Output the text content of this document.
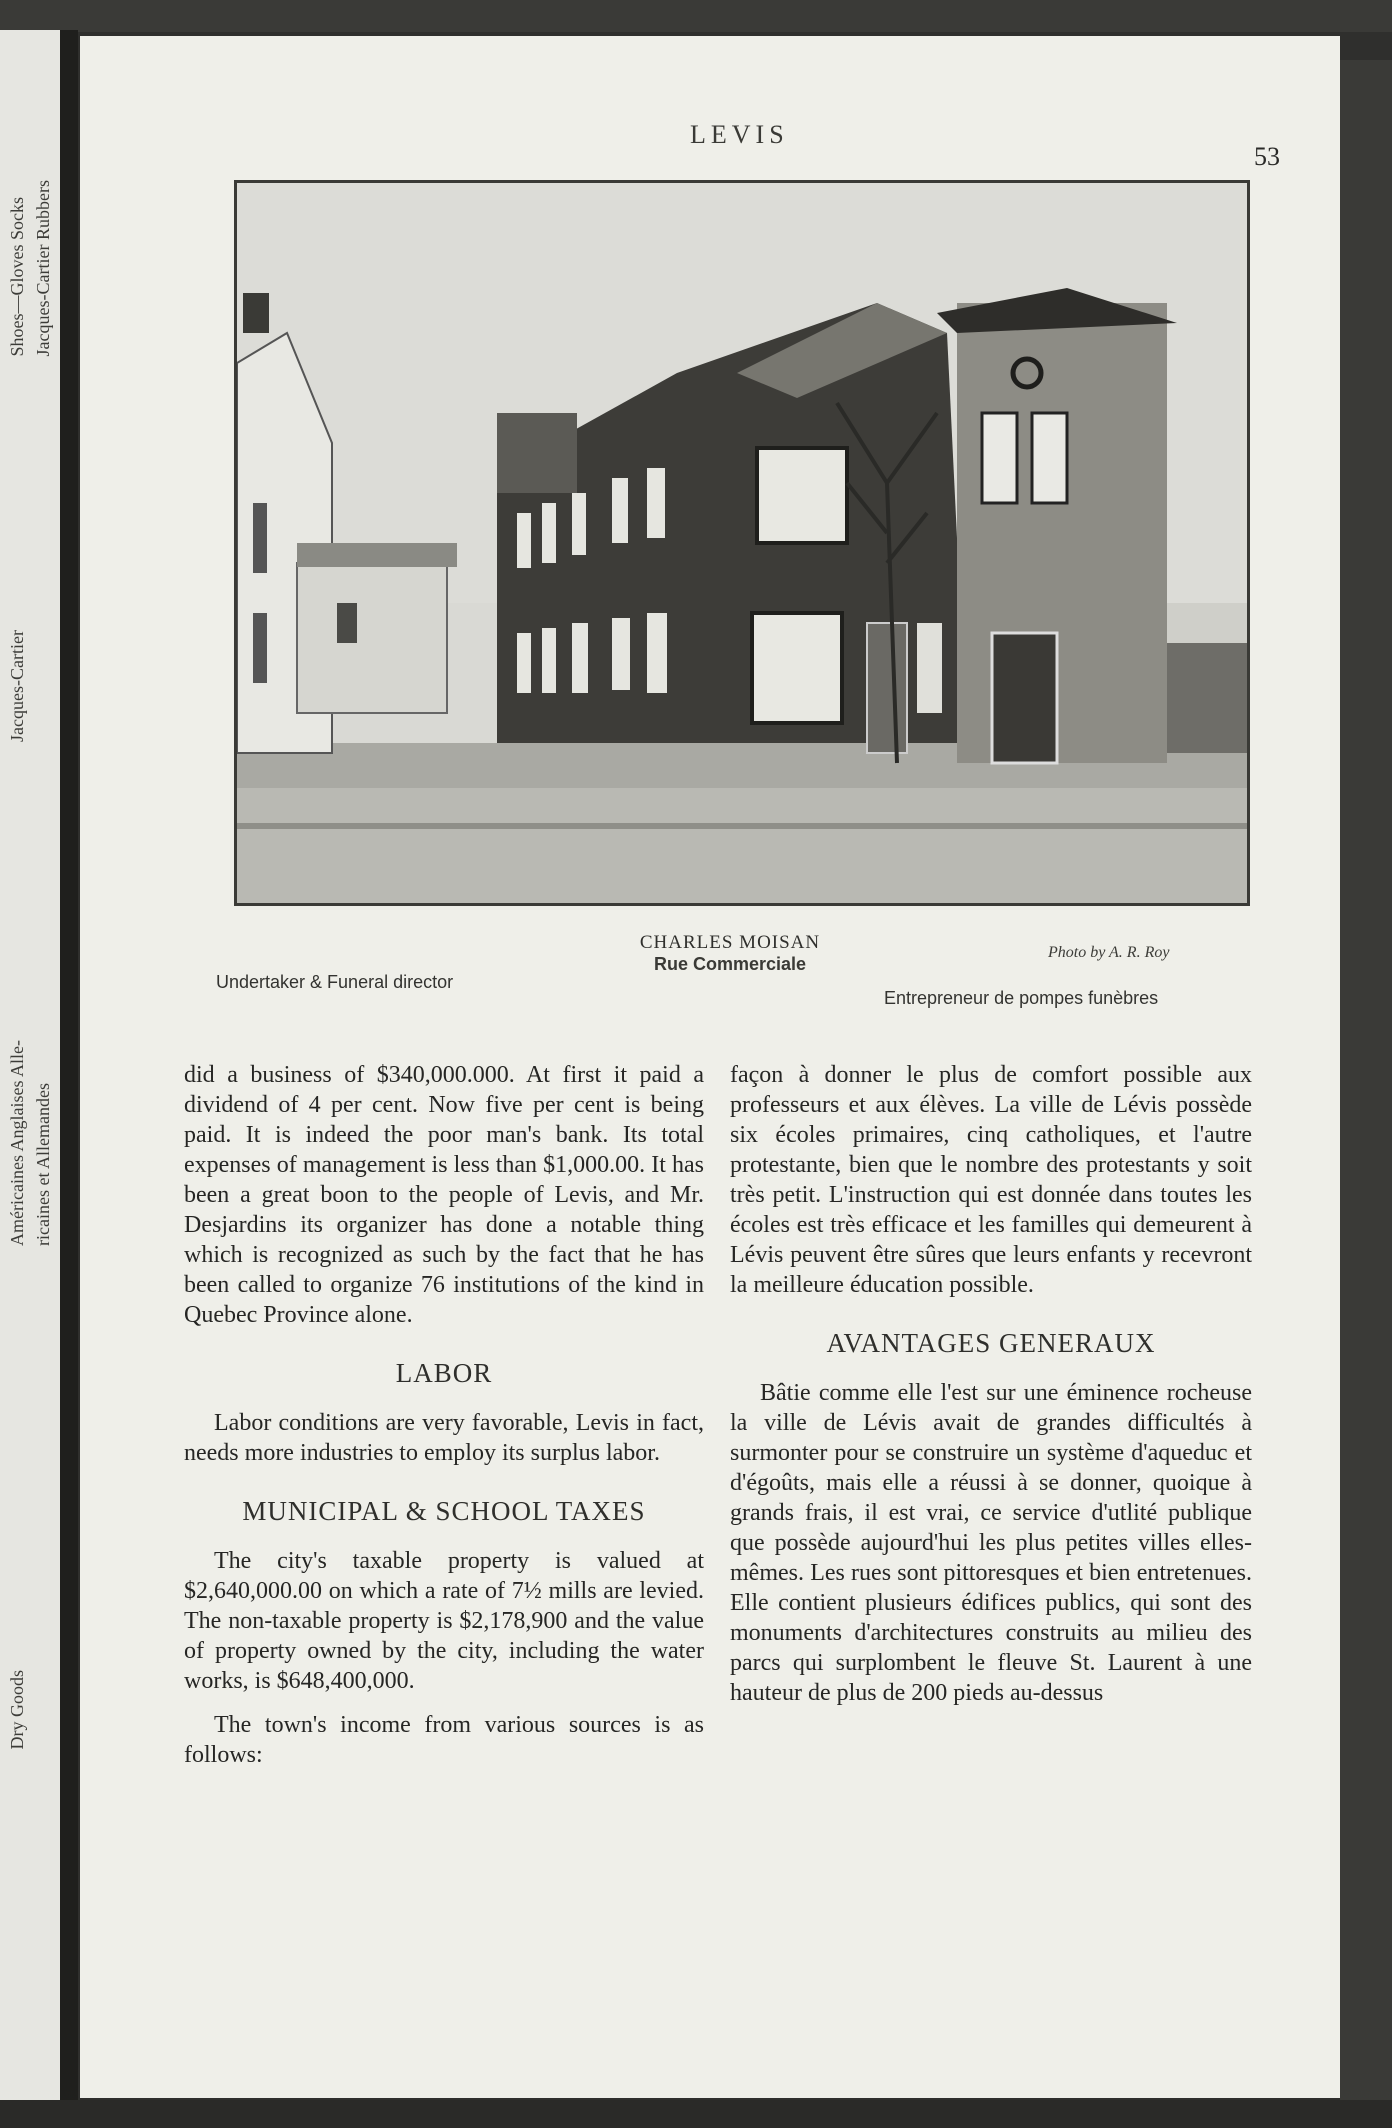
Shoes—Gloves Socks Jacques-Cartier Rubbers
Jacques-Cartier
Américaines Anglaises Alle- ricaines et Allemandes
Dry Goods
LEVIS
53
CHARLES MOISAN
Rue Commerciale
Undertaker & Funeral director
Photo by A. R. Roy
Entrepreneur de pompes funèbres

did a business of $340,000.000. At first it paid a dividend of 4 per cent. Now five per cent is being paid. It is indeed the poor man's bank. Its total expenses of management is less than $1,000.00. It has been a great boon to the people of Levis, and Mr. Desjardins its organizer has done a notable thing which is recognized as such by the fact that he has been called to organize 76 institutions of the kind in Quebec Province alone.

LABOR

Labor conditions are very favorable, Levis in fact, needs more industries to employ its surplus labor.

MUNICIPAL & SCHOOL TAXES

The city's taxable property is valued at $2,640,000.00 on which a rate of 7½ mills are levied. The non-taxable property is $2,178,900 and the value of property owned by the city, including the water works, is $648,400,000.

The town's income from various sources is as follows:

façon à donner le plus de comfort possible aux professeurs et aux élèves. La ville de Lévis possède six écoles primaires, cinq catholiques, et l'autre protestante, bien que le nombre des protestants y soit très petit. L'instruction qui est donnée dans toutes les écoles est très efficace et les familles qui demeurent à Lévis peuvent être sûres que leurs enfants y recevront la meilleure éducation possible.

AVANTAGES GENERAUX

Bâtie comme elle l'est sur une éminence rocheuse la ville de Lévis avait de grandes difficultés à surmonter pour se construire un système d'aqueduc et d'égoûts, mais elle a réussi à se donner, quoique à grands frais, il est vrai, ce service d'utlité publique que possède aujourd'hui les plus petites villes elles-mêmes. Les rues sont pittoresques et bien entretenues. Elle contient plusieurs édifices publics, qui sont des monuments d'architectures construits au milieu des parcs qui surplombent le fleuve St. Laurent à une hauteur de plus de 200 pieds au-dessus
